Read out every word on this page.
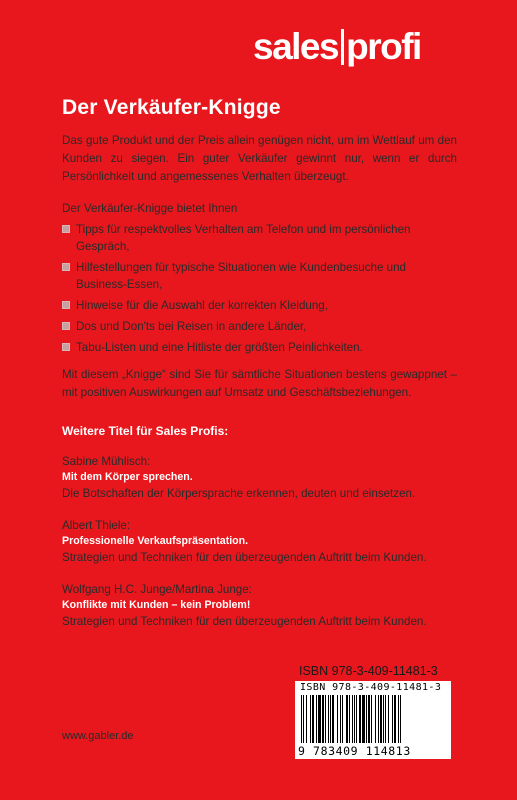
sales profi
Der Verkäufer-Knigge

Das gute Produkt und der Preis allein genügen nicht, um im Wettlauf um den Kunden zu siegen. Ein guter Verkäufer gewinnt nur, wenn er durch Persönlichkeit und angemessenes Verhalten überzeugt.

Der Verkäufer-Knigge bietet Ihnen

Tipps für respektvolles Verhalten am Telefon und im persönlichen Gespräch,
Hilfestellungen für typische Situationen wie Kundenbesuche und Business-Essen,
Hinweise für die Auswahl der korrekten Kleidung,
Dos und Don'ts bei Reisen in andere Länder,
Tabu-Listen und eine Hitliste der größten Peinlichkeiten.

Mit diesem „Knigge“ sind Sie für sämtliche Situationen bestens gewappnet – mit positiven Auswirkungen auf Umsatz und Geschäftsbeziehungen.

Weitere Titel für Sales Profis:
Sabine Mühlisch:
Mit dem Körper sprechen.
Die Botschaften der Körpersprache erkennen, deuten und einsetzen.
Albert Thiele:
Professionelle Verkaufspräsentation.
Strategien und Techniken für den überzeugenden Auftritt beim Kunden.
Wolfgang H.C. Junge/Martina Junge:
Konflikte mit Kunden – kein Problem!
Strategien und Techniken für den überzeugenden Auftritt beim Kunden.
ISBN 978-3-409-11481-3
ISBN 978-3-409-11481-3
9 783409 114813
www.gabler.de
